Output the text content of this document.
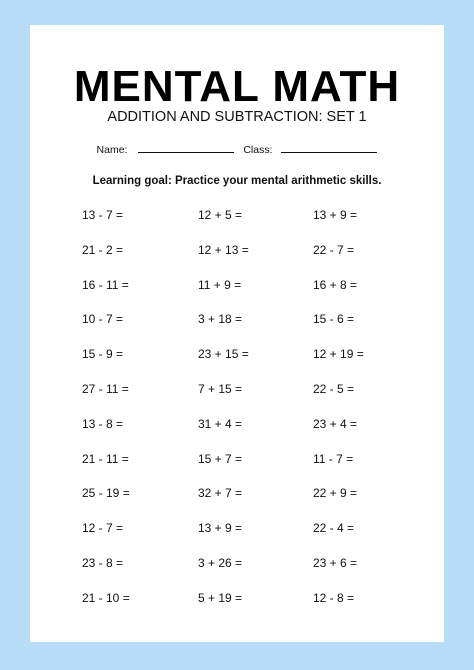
MENTAL MATH
ADDITION AND SUBTRACTION: SET 1
Name:	Class:
Learning goal: Practice your mental arithmetic skills.
13 - 7 =
21 - 2 =
16 - 11 =
10 - 7 =
15 - 9 =
27 - 11 =
13 - 8 =
21 - 11 =
25 - 19 =
12 - 7 =
23 - 8 =
21 - 10 =
12 + 5 =
12 + 13 =
11 + 9 =
3 + 18 =
23 + 15 =
7 + 15 =
31 + 4 =
15 + 7 =
32 + 7 =
13 + 9 =
3 + 26 =
5 + 19 =
13 + 9 =
22 - 7 =
16 + 8 =
15 - 6 =
12 + 19 =
22 - 5 =
23 + 4 =
11 - 7 =
22 + 9 =
22 - 4 =
23 + 6 =
12 - 8 =
